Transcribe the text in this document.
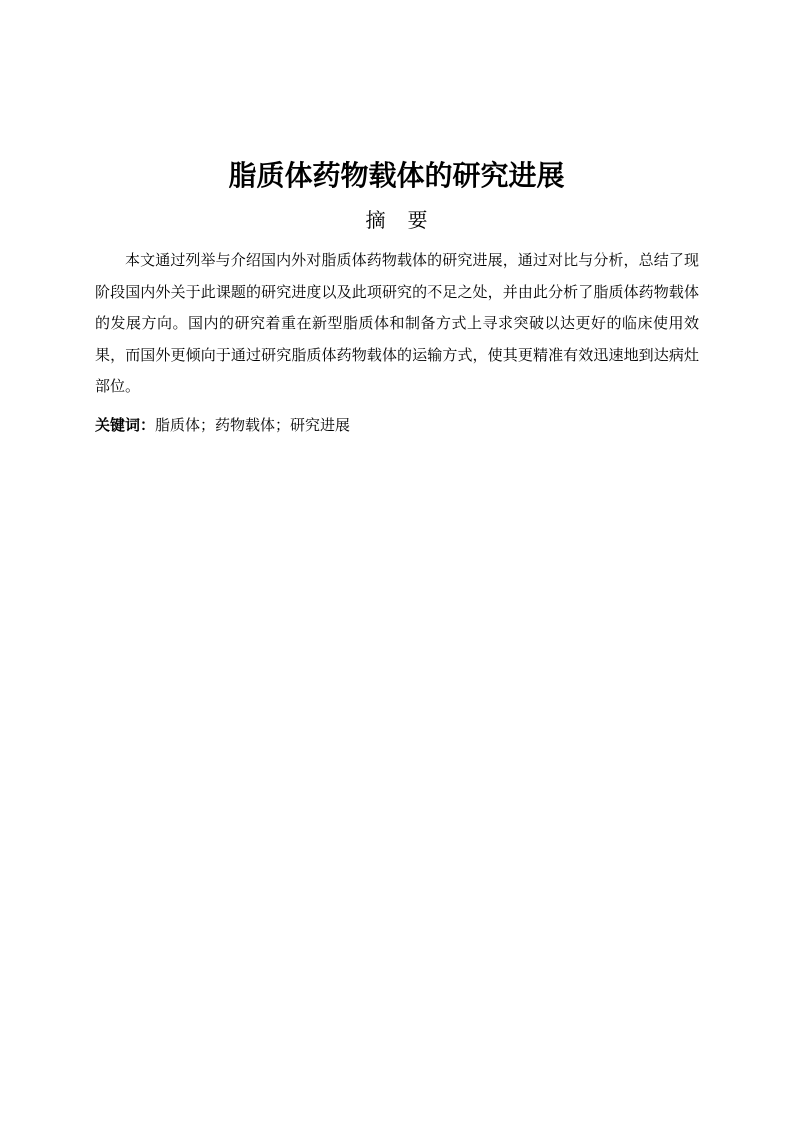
脂质体药物载体的研究进展
摘 要

本文通过列举与介绍国内外对脂质体药物载体的研究进展，通过对比与分析，总结了现阶段国内外关于此课题的研究进度以及此项研究的不足之处，并由此分析了脂质体药物载体的发展方向。国内的研究着重在新型脂质体和制备方式上寻求突破以达更好的临床使用效果，而国外更倾向于通过研究脂质体药物载体的运输方式，使其更精准有效迅速地到达病灶部位。

关键词：脂质体；药物载体；研究进展
